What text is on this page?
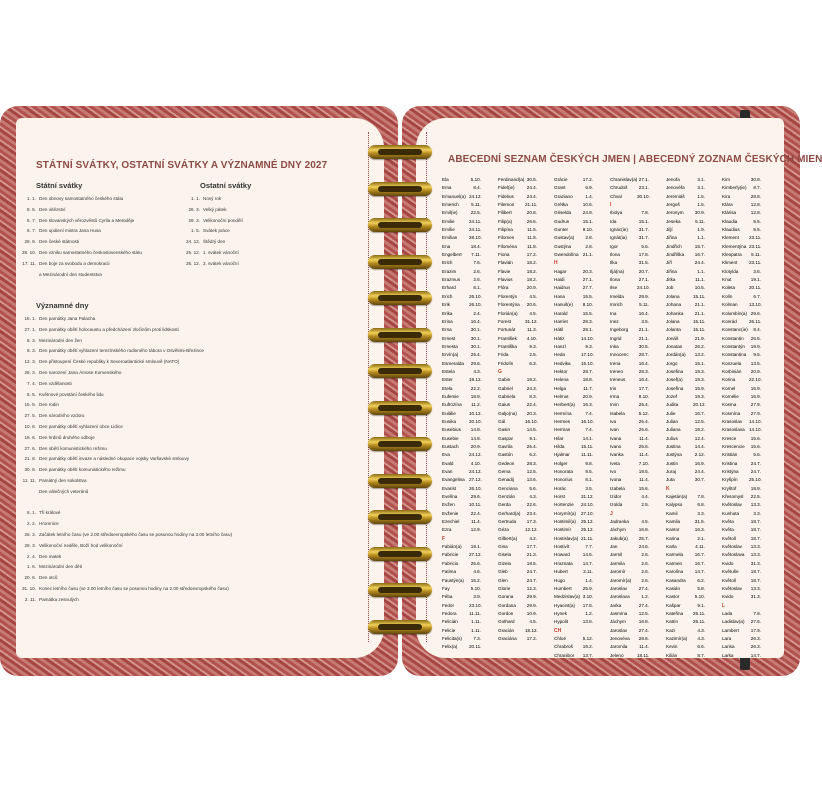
STÁTNÍ SVÁTKY, OSTATNÍ SVÁTKY A VÝZNAMNÉ DNY 2027
Státní svátky
1. 1. Den obnovy samostatného českého státu
8. 5. Den vítězství
5. 7. Den slovanských věrozvěstů Cyrila a Metoděje
6. 7. Den upálení mistra Jana Husa
28. 9. Den české státnosti
28. 10. Den vzniku samostatného československého státu
17. 11. Den boje za svobodu a demokracii
a Mezinárodní den studentstva
Ostatní svátky
1. 1. Nový rok
26. 3. Velký pátek
29. 3. Velikonoční pondělí
1. 5. Svátek práce
24. 12. Štědrý den
25. 12. 1. svátek vánoční
26. 12. 2. svátek vánoční
Významné dny
16. 1. Den památky Jana Palacha
27. 1. Den památky obětí holocaustu a předcházení zločinům proti lidskosti
8. 3. Mezinárodní den žen
8. 3. Den památky obětí vyhlazení terezínského rodinného tábora v Osvětimi-Březince
12. 3. Den přistoupení České republiky k Severoatlantické smlouvě (NATO)
28. 3. Den narození Jana Ámose Komenského
7. 4. Den vzdělanosti
5. 5. Květnové povstání českého lidu
15. 5. Den rodin
27. 5. Den národního vzdoru
10. 6. Den památky obětí vyhlazení obce Lidice
18. 6. Den hrdinů druhého odboje
27. 6. Den obětí komunistického režimu
21. 8. Den památky obětí invaze a následné okupace vojsky Varšavské smlouvy
30. 8. Den památky obětí komunistického režimu
11. 11. Památný den sokolstva
Den válečných veteránů
6. 1. Tři králové
2. 2. Hromnice
28. 3. Začátek letního času (ve 2.00 středoevropského času se posunou hodiny na 3.00 letního času)
28. 3. Velikonoční neděle, Boží hod velikonoční
2. 4. Den matek
1. 6. Mezinárodní den dětí
20. 6. Den otců
31. 10. Konec letního času (ve 3.00 letního času se posunou hodiny na 2.00 středoevropského času)
2. 11. Památka zesnulých
ABECEDNÍ SEZNAM ČESKÝCH JMEN | ABECEDNÝ ZOZNAM ČESKÝCH MIEN
Ela	5.10.
Ema	8.4.
Emanuel(a) 24.12.
Emerich	5.11.
Emil(ie)	22.5.
Emilie	24.11.
Emílie	24.11.
Emílian	28.10.
Ena	18.4.
Engelbert	7.11.
Erich	7.6.
Erazim	2.6.
Erazmus	2.6.
Erhard	8.1.
Erich	26.10.
Erik	26.10.
Erika	2.4.
Erina	16.4.
Erna	30.1.
Ernest	30.1.
Ernesta	30.1.
Ervín(a)	25.4.
Esmeralda	29.6.
Estela	4.3.
Ester	19.12.
Etela	22.2.
Eufemie	18.9.
Eufrozína	11.2.
Eulálie	10.12.
Eunika	20.10.
Eusebius	14.8.
Eusebie	14.8.
Eustach	20.9.
Eva	24.12.
Evald	4.10.
Evan	24.12.
Evangelina 27.12.
Evarist	26.10.
Evelína	29.6.
Evžen	10.11.
Evženie	22.4.
Ezechiel	11.4.
Ezra	12.8.
F
Fabián(a)	19.1.
Fabricie	27.12.
Fabricio	25.6.
Fatima	4.6.
Faustýn(a)	15.2.
Fay	5.10.
Féba	3.9.
Fedor	23.10.
Fedora	11.11.
Felicián	1.11.
Felicie	1.11.
Felicita(s)	7.3.
Felix(a)	20.11.
Ferdinand(a) 30.5.
Fidel(ie)	24.4.
Fidelius	24.4.
Filemon	21.11.
Filibert	20.8.
Filip(a)	26.5.
Filipína	11.5.
Filomen	11.8.
Filoména	11.8.
Fiona	17.2.
Flavián	18.2.
Flavie	18.2.
Flavius	18.2.
Flóra	20.9.
Florentýn	4.5.
Florentýna	20.6.
Florián(a)	4.5.
Forest	31.12.
Fortunát	11.3.
František	4.10.
Františka	9.3.
Frida	2.5.
Fridolín	6.3.
G
Gabin	19.2.
Gabriel	24.3.
Gabriela	8.3.
Gaius	22.4.
Galjo(na)	20.3.
Gál	16.10.
Gasin	14.5.
Gaspar	9.1.
Gavrila	25.4.
Gastón	6.2.
Gedeon	28.3.
Gema	12.5.
Genadij	13.6.
Genciana	5.6.
Genzián	4.3.
Gerda	22.6.
Gerhard(a)	23.4.
Gertruda	17.3.
Géza	12.12.
Gilbert(a)	4.2.
Gina	17.7.
Gisela	21.3.
Gizela	18.5.
Gleb	24.7.
Glen	24.7.
Glorie	12.3.
Gorana	29.9.
Gordana	29.9.
Gordon	10.9.
Gothard	4.5.
Gracián	18.12.
Graciána	17.2.
Grácie	17.2.
Grant	6.9.
Graziano	1.4.
Grétka	10.6.
Griselda	24.9.
Gudrun	15.1.
Gunter	9.10.
Gustav(a)	2.8.
Gustýna	2.8.
Gwendolína 21.1.
H
Hagar	20.3.
Haidi	27.1.
Haidrun	27.7.
Hana	15.5.
Hanuš(e)	8.10.
Harald	15.5.
Harriet	28.3.
Hátil	28.1.
Hátiz	14.10.
Hanzl	9.3.
Heda	17.10.
Hedvika	15.10.
Hektor	28.7.
Helena	18.8.
Helga	11.7.
Helmut	20.9.
Herbert(a)	16.3.
Hermína	7.4.
Hermes	16.10.
Herman	7.4.
Hilar	14.1.
Hilda	15.11.
Hjalmar	11.11.
Holger	9.8.
Honorata	9.5.
Honorius	8.1.
Horác	3.5.
Horst	31.12.
Hortenzie	24.10.
Horymír(a)	27.10.
Hostimil(a)	25.12.
Hostimír	25.12.
Hostislav(a) 21.11.
Hostivít	7.7.
Howard	14.5.
Hraznata	14.7.
Hubert	3.11.
Hugo	1.4.
Humbert	25.9.
Medzislav(a) 3.10.
Hyacint(a)	17.8.
Hynek	1.2.
Hypolit	13.8.
CH
Chloé	5.12.
Chrabroš	19.2.
Chranibor	13.7.
Chranislav(a) 27.1.
Chrudoš	23.1.
Chval	30.10.
I
Ibolya	7.8.
Ida	15.1.
Ignác(ie)	31.7.
Ignát(ia)	31.7.
Igor	5.6.
Ilona	17.8.
Ilka	31.5.
Iljá(na)	20.7.
Ilona	27.1.
Ilse	24.10.
Imelda	29.9.
Imrich	5.11.
Ina	16.4.
Inez	3.5.
Ingeborg	21.1.
Ingrid	21.1.
Inka	30.5.
Innocenc	28.7.
Irena	16.4.
Ireneo	28.3.
Ireneus	16.4.
Iris	17.7.
Irma	8.10.
Irvin	25.4.
Isabela	5.12.
Iva	25.4.
Ivan	25.6.
Ivana	11.4.
Ivano	25.6.
Ivanka	11.4.
Iveta	7.10.
Ivo	19.5.
Ivona	11.4.
Izabela	15.6.
Izidor	4.4.
Izolda	2.5.
J
Jadranka	4.5.
Jáchym	16.8.
Jakub(a)	25.7.
Jan	24.6.
Jarmil	2.6.
Jarmila	2.6.
Jaromír	2.6.
Jaromír(a)	2.6.
Jaroslav	27.4.
Jaroslava	1.2.
Jarka	27.4.
Jasmína	12.5.
Jáchym	16.8.
Jaroslav	27.4.
Jenovéva	28.6.
Jaromila	11.4.
Jeleno	18.11.
Jenofa	3.1.
Jenovéfa	3.1.
Jeremiáš	1.5.
Jergoš	1.5.
Jeronym	30.9.
Jeseka	5.11.
Jiljí	1.9.
Jiřina	1.1.
Jindřich	15.7.
Jindřiška	16.7.
Jiří	24.4.
Jiřina	1.1.
Jitka	11.1.
Job	10.5.
Jolana	15.11.
Johana	21.1.
Johanka	21.1.
Jolana	15.11.
Jolanta	15.11.
Jonáš	21.9.
Jonatan	26.2.
Jordán(a)	13.2.
Jorgo	15.1.
Josefina	19.3.
Josef(a)	19.3.
Josefína	15.9.
Jozef	19.3.
Judita	20.12.
Julie	16.7.
Julian	12.5.
Juliana	19.2.
Julius	12.4.
Justina	14.4.
Justýna	2.12.
Justin	16.9.
Juraj	24.4.
Juta	30.7.
K
Kajetán(a)	7.8.
Kalypso	6.8.
Kamil	3.3.
Kamila	31.5.
Kantor	16.3.
Karina	2.1.
Karla	4.11.
Karmela	16.7.
Karmen	16.7.
Karolína	14.7.
Kasandra	6.2.
Kasián	5.8.
Kastor	5.10.
Kašpar	9.1.
Kateřina	25.11.
Katrin	25.11.
Kazi	4.3.
Kazimír(a)	4.3.
Kevin	6.6.
Kilián	8.7.
Kim	30.8.
Kimberly(ie)	8.7.
Kira	28.8.
Klára	12.8.
Klárisa	12.8.
Klaudia	5.5.
Klaudius	5.5.
Klement	23.11.
Klementýna 23.11.
Kleopatra	5.11.
Kliment	23.11.
Klotylda	3.6.
Knut	19.1.
Koleta	20.11.
Kolín	6.7.
Kolman	13.10.
Kolumbín(a) 29.6.
Konrád	26.11.
Konstanc(ie)	8.4.
Konstantin	26.5.
Konstantýn	19.9.
Konstantina	9.5.
Konzuela	13.5.
Korbinián	20.9.
Korina	22.10.
Kornel	16.9.
Kornélie	16.9.
Kosma	27.9.
Kosmína	27.9.
Krasoslav	14.10.
Krasoslava 14.10.
Kresce	15.6.
Krescencie	15.6.
Kristián	5.6.
Kristina	24.7.
Kristýna	24.7.
Kryšpín	25.10.
Kryštof	18.9.
Křesomysl	22.5.
Květoslav	13.3.
Kunhuta	3.3.
Květa	18.7.
Květa	18.7.
Květoň	18.7.
Květoslav	13.3.
Květoslava	13.3.
Kvido	31.3.
Květuše	18.7.
Květoň	18.7.
Květoslav	13.3.
Kvido	31.3.
L
Lada	7.8.
Ladislav(a)	27.6.
Lambert	17.9.
Lara	26.3.
Larisa	26.3.
Larka	14.7.
